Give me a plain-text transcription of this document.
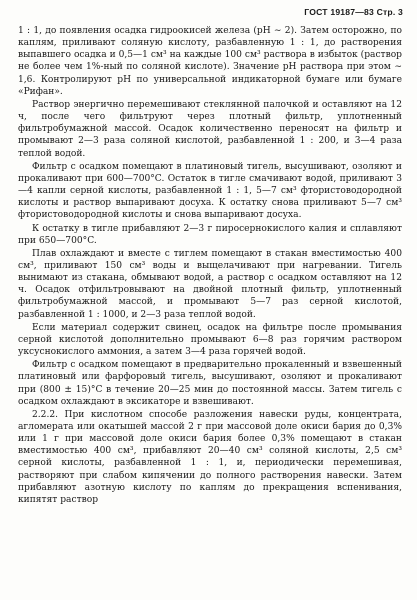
ГОСТ 19187—83 Стр. 3

1 : 1, до появления осадка гидроокисей железа (pH ∼ 2). Затем осторожно, по каплям, приливают соляную кислоту, разбавленную 1 : 1, до растворения выпавшего осадка и 0,5—1 см³ на каждые 100 см³ раствора в избыток (раствор не более чем 1%-ный по соляной кислоте). Значение pH раствора при этом ∼ 1,6. Контролируют pH по универсальной индикаторной бумаге или бумаге «Рифан».

Раствор энергично перемешивают стеклянной палочкой и оставляют на 12 ч, после чего фильтруют через плотный фильтр, уплотненный фильтробумажной массой. Осадок количественно переносят на фильтр и промывают 2—3 раза соляной кислотой, разбавленной 1 : 200, и 3—4 раза теплой водой.

Фильтр с осадком помещают в платиновый тигель, высушивают, озоляют и прокаливают при 600—700°C. Остаток в тигле смачивают водой, приливают 3—4 капли серной кислоты, разбавленной 1 : 1, 5—7 см³ фтористоводородной кислоты и раствор выпаривают досуха. К остатку снова приливают 5—7 см³ фтористоводородной кислоты и снова выпаривают досуха.

К остатку в тигле прибавляют 2—3 г пиросернокислого калия и сплавляют при 650—700°C.

Плав охлаждают и вместе с тиглем помещают в стакан вместимостью 400 см³, приливают 150 см³ воды и выщелачивают при нагревании. Тигель вынимают из стакана, обмывают водой, а раствор с осадком оставляют на 12 ч. Осадок отфильтровывают на двойной плотный фильтр, уплотненный фильтробумажной массой, и промывают 5—7 раз серной кислотой, разбавленной 1 : 1000, и 2—3 раза теплой водой.

Если материал содержит свинец, осадок на фильтре после промывания серной кислотой дополнительно промывают 6—8 раз горячим раствором уксуснокислого аммония, а затем 3—4 раза горячей водой.

Фильтр с осадком помещают в предварительно прокаленный и взвешенный платиновый или фарфоровый тигель, высушивают, озоляют и прокаливают при (800 ± 15)°C в течение 20—25 мин до постоянной массы. Затем тигель с осадком охлаждают в эксикаторе и взвешивают.

2.2.2. При кислотном способе разложения навески руды, концентрата, агломерата или окатышей массой 2 г при массовой доле окиси бария до 0,3% или 1 г при массовой доле окиси бария более 0,3% помещают в стакан вместимостью 400 см³, прибавляют 20—40 см³ соляной кислоты, 2,5 см³ серной кислоты, разбавленной 1 : 1, и, периодически перемешивая, растворяют при слабом кипячении до полного растворения навески. Затем прибавляют азотную кислоту по каплям до прекращения вспенивания, кипятят раствор
